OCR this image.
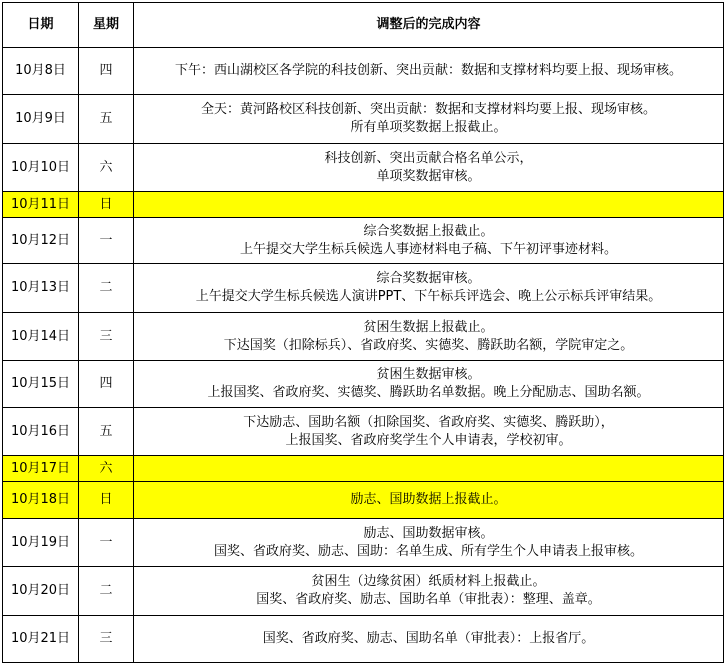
日期	星期	调整后的完成内容
10月8日	四	下午：西山湖校区各学院的科技创新、突出贡献：数据和支撑材料均要上报、现场审核。
10月9日	五	全天：黄河路校区科技创新、突出贡献：数据和支撑材料均要上报、现场审核。
所有单项奖数据上报截止。
10月10日	六	科技创新、突出贡献合格名单公示，
单项奖数据审核。
10月11日	日	
10月12日	一	综合奖数据上报截止。
上午提交大学生标兵候选人事迹材料电子稿、下午初评事迹材料。
10月13日	二	综合奖数据审核。
上午提交大学生标兵候选人演讲PPT、下午标兵评选会、晚上公示标兵评审结果。
10月14日	三	贫困生数据上报截止。
下达国奖（扣除标兵）、省政府奖、实德奖、腾跃助名额，学院审定之。
10月15日	四	贫困生数据审核。
上报国奖、省政府奖、实德奖、腾跃助名单数据。晚上分配励志、国助名额。
10月16日	五	下达励志、国助名额（扣除国奖、省政府奖、实德奖、腾跃助），
上报国奖、省政府奖学生个人申请表，学校初审。
10月17日	六	
10月18日	日	励志、国助数据上报截止。
10月19日	一	励志、国助数据审核。
国奖、省政府奖、励志、国助：名单生成、所有学生个人申请表上报审核。
10月20日	二	贫困生（边缘贫困）纸质材料上报截止。
国奖、省政府奖、励志、国助名单（审批表）：整理、盖章。
10月21日	三	国奖、省政府奖、励志、国助名单（审批表）：上报省厅。
